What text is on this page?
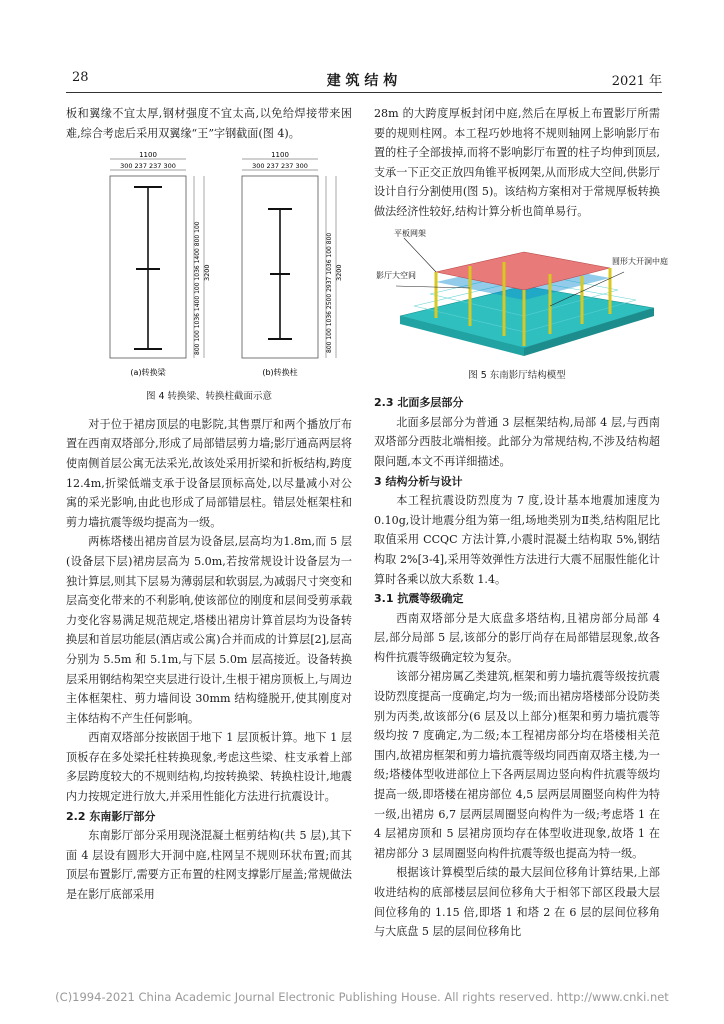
28	建 筑 结 构	2021 年

板和翼缘不宜太厚,钢材强度不宜太高,以免给焊接带来困难,综合考虑后采用双翼缘“王”字钢截面(图 4)。

1100
300 237 237 300
1100
300 237 237 300
800 100 1036 1400 100 1036 1400 800 100	800 100 1036 2500 2937 1036 100 800
3200	3200
(a)转换梁	(b)转换柱
图 4 转换梁、转换柱截面示意

对于位于裙房顶层的电影院,其售票厅和两个播放厅布置在西南双塔部分,形成了局部错层剪力墙;影厅通高两层将使南侧首层公寓无法采光,故该处采用折梁和折板结构,跨度 12.4m,折梁低端支承于设备层顶标高处,以尽量减小对公寓的采光影响,由此也形成了局部错层柱。错层处框架柱和剪力墙抗震等级均提高为一级。

两栋塔楼出裙房首层为设备层,层高均为1.8m,而 5 层(设备层下层)裙房层高为 5.0m,若按常规设计设备层为一独计算层,则其下层易为薄弱层和软弱层,为减弱尺寸突变和层高变化带来的不利影响,使该部位的刚度和层间受剪承载力变化容易满足规范规定,塔楼出裙房计算首层均为设备转换层和首层功能层(酒店或公寓)合并而成的计算层[2],层高分别为 5.5m 和 5.1m,与下层 5.0m 层高接近。设备转换层采用钢结构架空夹层进行设计,生根于裙房顶板上,与周边主体框架柱、剪力墙间设 30mm 结构缝脱开,使其刚度对主体结构不产生任何影响。

西南双塔部分按嵌固于地下 1 层顶板计算。地下 1 层顶板存在多处梁托柱转换现象,考虑这些梁、柱支承着上部多层跨度较大的不规则结构,均按转换梁、转换柱设计,地震内力按规定进行放大,并采用性能化方法进行抗震设计。

2.2 东南影厅部分

东南影厅部分采用现浇混凝土框剪结构(共 5 层),其下面 4 层设有圆形大开洞中庭,柱网呈不规则环状布置;而其顶层布置影厅,需要方正布置的柱网支撑影厅屋盖;常规做法是在影厅底部采用

28m 的大跨度厚板封闭中庭,然后在厚板上布置影厅所需要的规则柱网。本工程巧妙地将不规则轴网上影响影厅布置的柱子全部拔掉,而将不影响影厅布置的柱子均伸到顶层,支承一下正交正放四角锥平板网架,从而形成大空间,供影厅设计自行分割使用(图 5)。该结构方案相对于常规厚板转换做法经济性较好,结构计算分析也简单易行。

平板网架
影厅大空间
圆形大开洞中庭
图 5 东南影厅结构模型

2.3 北面多层部分

北面多层部分为普通 3 层框架结构,局部 4 层,与西南双塔部分西肢北端相接。此部分为常规结构,不涉及结构超限问题,本文不再详细描述。

3 结构分析与设计

本工程抗震设防烈度为 7 度,设计基本地震加速度为 0.10g,设计地震分组为第一组,场地类别为Ⅱ类,结构阻尼比取值采用 CCQC 方法计算,小震时混凝土结构取 5%,钢结构取 2%[3-4],采用等效弹性方法进行大震不屈服性能化计算时各乘以放大系数 1.4。

3.1 抗震等级确定

西南双塔部分是大底盘多塔结构,且裙房部分局部 4 层,部分局部 5 层,该部分的影厅尚存在局部错层现象,故各构件抗震等级确定较为复杂。

该部分裙房属乙类建筑,框架和剪力墙抗震等级按抗震设防烈度提高一度确定,均为一级;而出裙房塔楼部分设防类别为丙类,故该部分(6 层及以上部分)框架和剪力墙抗震等级均按 7 度确定,为二级;本工程裙房部分均在塔楼相关范围内,故裙房框架和剪力墙抗震等级均同西南双塔主楼,为一级;塔楼体型收进部位上下各两层周边竖向构件抗震等级均提高一级,即塔楼在裙房部位 4,5 层两层周圈竖向构件为特一级,出裙房 6,7 层两层周圈竖向构件为一级;考虑塔 1 在 4 层裙房顶和 5 层裙房顶均存在体型收进现象,故塔 1 在裙房部分 3 层周圈竖向构件抗震等级也提高为特一级。

根据该计算模型后续的最大层间位移角计算结果,上部收进结构的底部楼层层间位移角大于相邻下部区段最大层间位移角的 1.15 倍,即塔 1 和塔 2 在 6 层的层间位移角与大底盘 5 层的层间位移角比

(C)1994-2021 China Academic Journal Electronic Publishing House. All rights reserved. http://www.cnki.net
